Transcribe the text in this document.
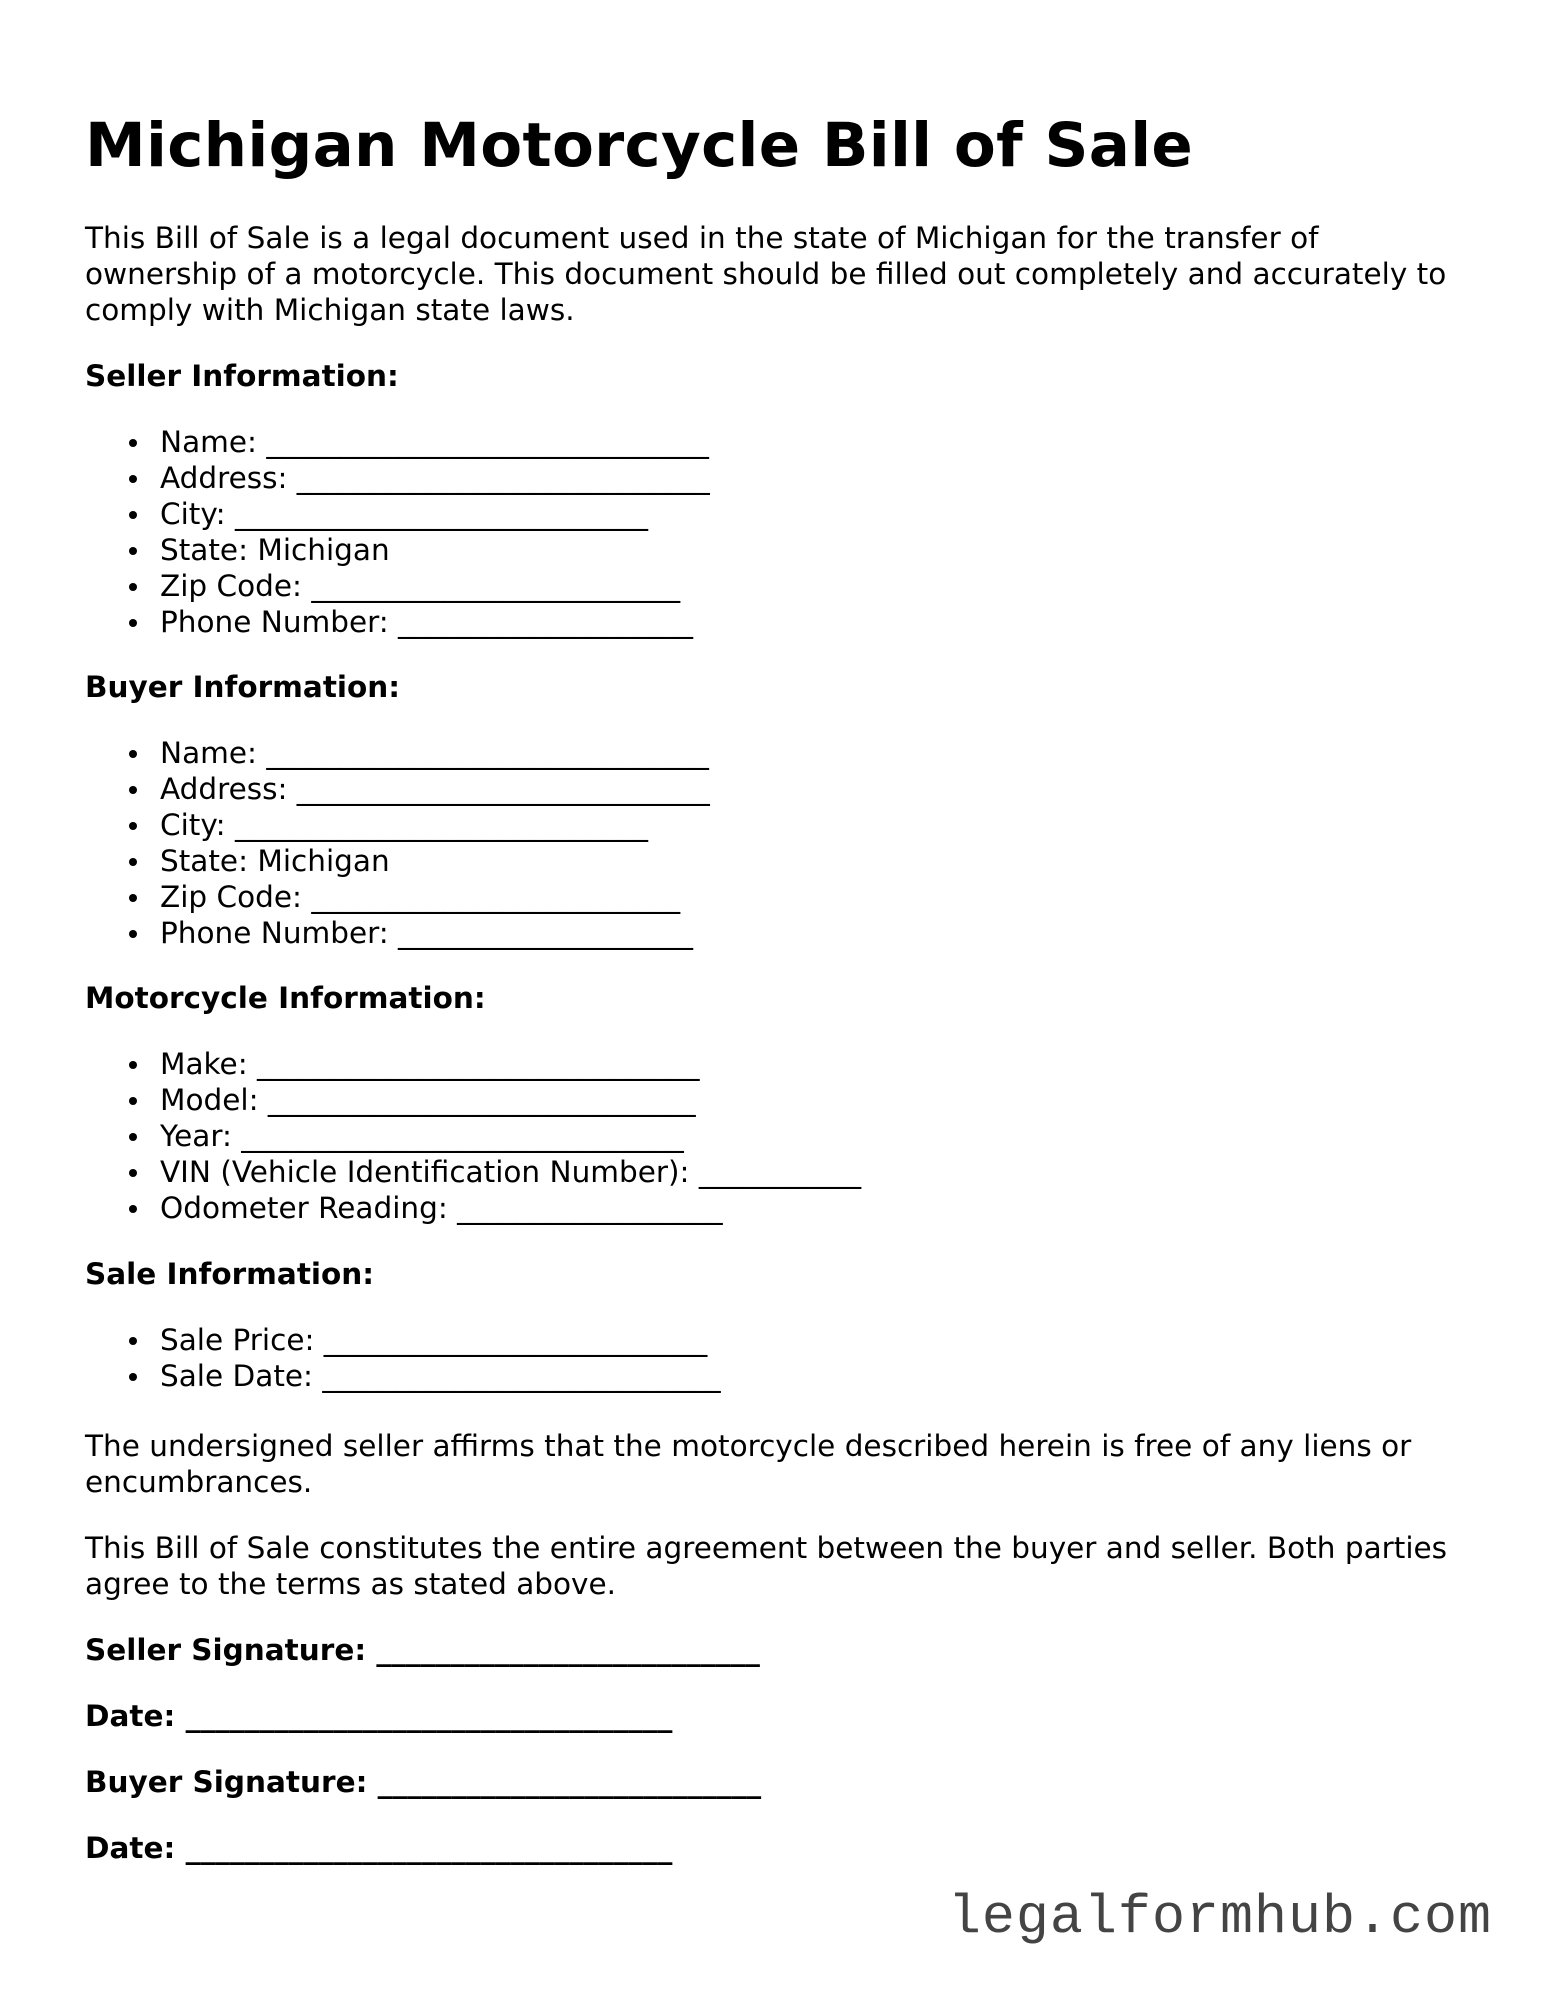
Michigan Motorcycle Bill of Sale

This Bill of Sale is a legal document used in the state of Michigan for the transfer of ownership of a motorcycle. This document should be filled out completely and accurately to comply with Michigan state laws.

Seller Information:

Name: ______________________________
Address: ____________________________
City: ____________________________
State: Michigan
Zip Code: _________________________
Phone Number: ____________________

Buyer Information:

Name: ______________________________
Address: ____________________________
City: ____________________________
State: Michigan
Zip Code: _________________________
Phone Number: ____________________

Motorcycle Information:

Make: ______________________________
Model: _____________________________
Year: ______________________________
VIN (Vehicle Identification Number): ___________
Odometer Reading: __________________

Sale Information:

Sale Price: __________________________
Sale Date: ___________________________

The undersigned seller affirms that the motorcycle described herein is free of any liens or encumbrances.

This Bill of Sale constitutes the entire agreement between the buyer and seller. Both parties agree to the terms as stated above.

Seller Signature: __________________________

Date: _________________________________

Buyer Signature: __________________________

Date: _________________________________

legalformhub.com
